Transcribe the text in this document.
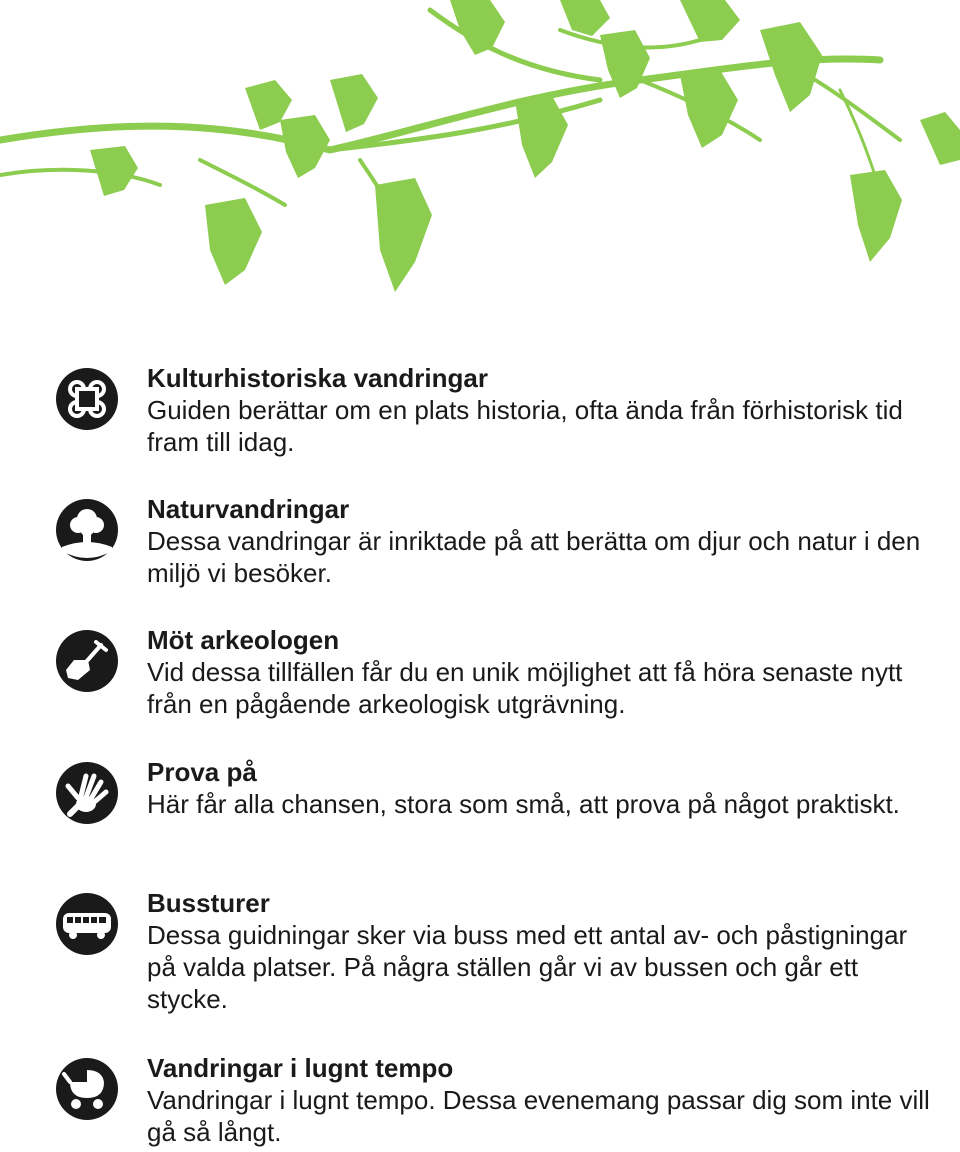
Kulturhistoriska vandringar
Guiden berättar om en plats historia, ofta ända från förhistorisk tid fram till idag.
Naturvandringar
Dessa vandringar är inriktade på att berätta om djur och natur i den miljö vi besöker.
Möt arkeologen
Vid dessa tillfällen får du en unik möjlighet att få höra senaste nytt från en pågående arkeologisk utgrävning.
Prova på
Här får alla chansen, stora som små, att prova på något praktiskt.
Bussturer
Dessa guidningar sker via buss med ett antal av- och påstigningar på valda platser. På några ställen går vi av bussen och går ett stycke.
Vandringar i lugnt tempo
Vandringar i lugnt tempo. Dessa evenemang passar dig som inte vill gå så långt.
